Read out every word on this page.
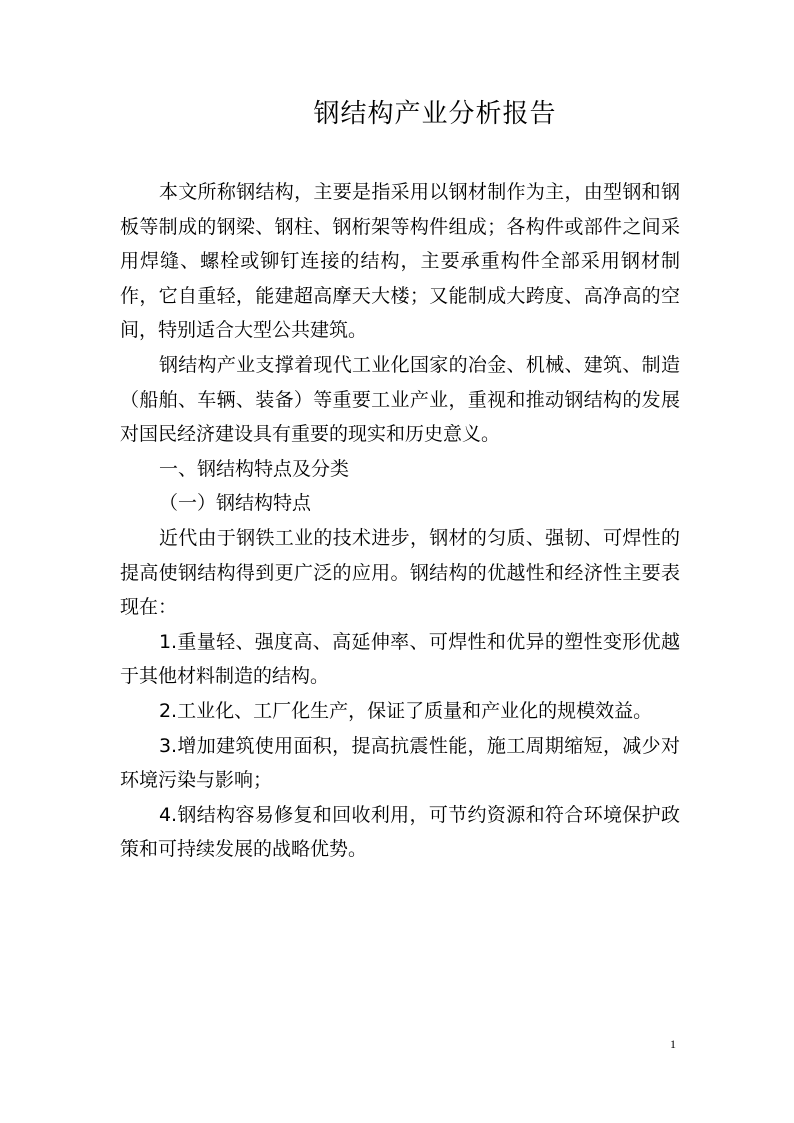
钢结构产业分析报告

本文所称钢结构，主要是指采用以钢材制作为主，由型钢和钢板等制成的钢梁、钢柱、钢桁架等构件组成；各构件或部件之间采用焊缝、螺栓或铆钉连接的结构，主要承重构件全部采用钢材制作，它自重轻，能建超高摩天大楼；又能制成大跨度、高净高的空间，特别适合大型公共建筑。

钢结构产业支撑着现代工业化国家的冶金、机械、建筑、制造（船舶、车辆、装备）等重要工业产业，重视和推动钢结构的发展对国民经济建设具有重要的现实和历史意义。

一、钢结构特点及分类

（一）钢结构特点

近代由于钢铁工业的技术进步，钢材的匀质、强韧、可焊性的提高使钢结构得到更广泛的应用。钢结构的优越性和经济性主要表现在：

1.重量轻、强度高、高延伸率、可焊性和优异的塑性变形优越于其他材料制造的结构。

2.工业化、工厂化生产，保证了质量和产业化的规模效益。

3.增加建筑使用面积，提高抗震性能，施工周期缩短，减少对环境污染与影响；

4.钢结构容易修复和回收利用，可节约资源和符合环境保护政策和可持续发展的战略优势。

1
